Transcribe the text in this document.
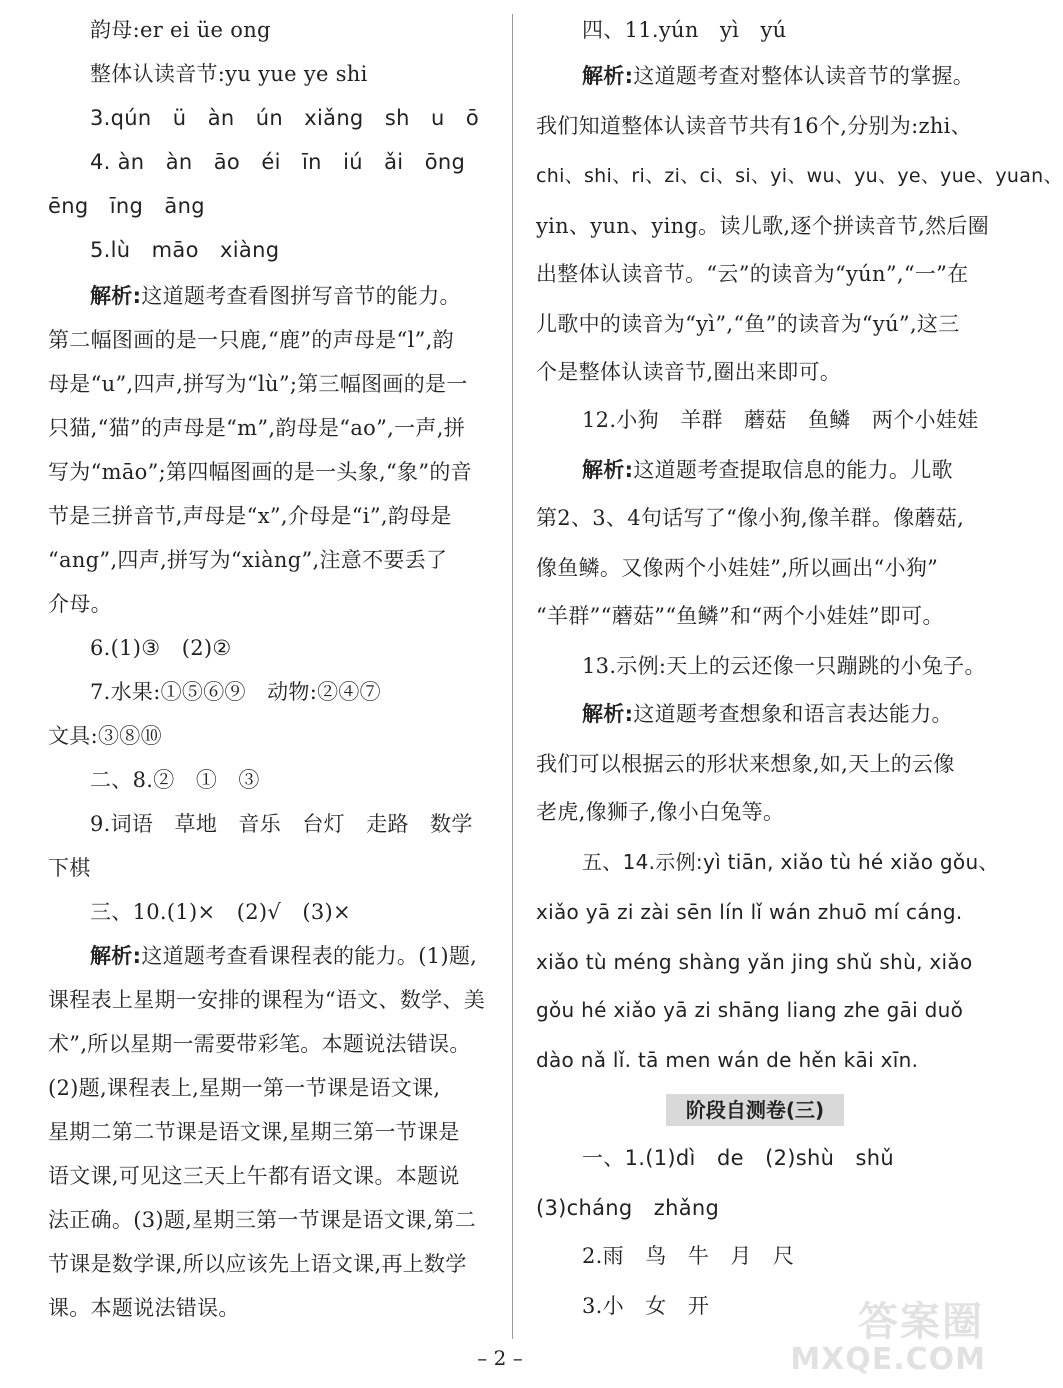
韵母:er ei üe ong
整体认读音节:yu yue ye shi
3.qún　ü　àn　ún　xiǎng　sh　u　ō
4. àn　àn　āo　éi　īn　iú　ǎi　ōng
ēng　īng　āng
5.lù　māo　xiàng
解析:这道题考查看图拼写音节的能力。
第二幅图画的是一只鹿,“鹿”的声母是“l”,韵
母是“u”,四声,拼写为“lù”;第三幅图画的是一
只猫,“猫”的声母是“m”,韵母是“ao”,一声,拼
写为“māo”;第四幅图画的是一头象,“象”的音
节是三拼音节,声母是“x”,介母是“i”,韵母是
“ang”,四声,拼写为“xiàng”,注意不要丢了
介母。
6.(1)③　(2)②
7.水果:①⑤⑥⑨　动物:②④⑦
文具:③⑧⑩
二、8.②　①　③
9.词语　草地　音乐　台灯　走路　数学
下棋
三、10.(1)×　(2)√　(3)×
解析:这道题考查看课程表的能力。(1)题,
课程表上星期一安排的课程为“语文、数学、美
术”,所以星期一需要带彩笔。本题说法错误。
(2)题,课程表上,星期一第一节课是语文课,
星期二第二节课是语文课,星期三第一节课是
语文课,可见这三天上午都有语文课。本题说
法正确。(3)题,星期三第一节课是语文课,第二
节课是数学课,所以应该先上语文课,再上数学
课。本题说法错误。
四、11.yún　yì　yú
解析:这道题考查对整体认读音节的掌握。
我们知道整体认读音节共有16个,分别为:zhi、
chi、shi、ri、zi、ci、si、yi、wu、yu、ye、yue、yuan、
yin、yun、ying。读儿歌,逐个拼读音节,然后圈
出整体认读音节。“云”的读音为“yún”,“一”在
儿歌中的读音为“yì”,“鱼”的读音为“yú”,这三
个是整体认读音节,圈出来即可。
12.小狗　羊群　蘑菇　鱼鳞　两个小娃娃
解析:这道题考查提取信息的能力。儿歌
第2、3、4句话写了“像小狗,像羊群。像蘑菇,
像鱼鳞。又像两个小娃娃”,所以画出“小狗”
“羊群”“蘑菇”“鱼鳞”和“两个小娃娃”即可。
13.示例:天上的云还像一只蹦跳的小兔子。
解析:这道题考查想象和语言表达能力。
我们可以根据云的形状来想象,如,天上的云像
老虎,像狮子,像小白兔等。
五、14.示例:yì tiān, xiǎo tù hé xiǎo gǒu、
xiǎo yā zi zài sēn lín lǐ wán zhuō mí cáng.
xiǎo tù méng shàng yǎn jing shǔ shù, xiǎo
gǒu hé xiǎo yā zi shāng liang zhe gāi duǒ
dào nǎ lǐ. tā men wán de hěn kāi xīn.
阶段自测卷(三)
一、1.(1)dì　de　(2)shù　shǔ
(3)cháng　zhǎng
2.雨　鸟　牛　月　尺
3.小　女　开
– 2 –
答案圈
MXQE.COM
